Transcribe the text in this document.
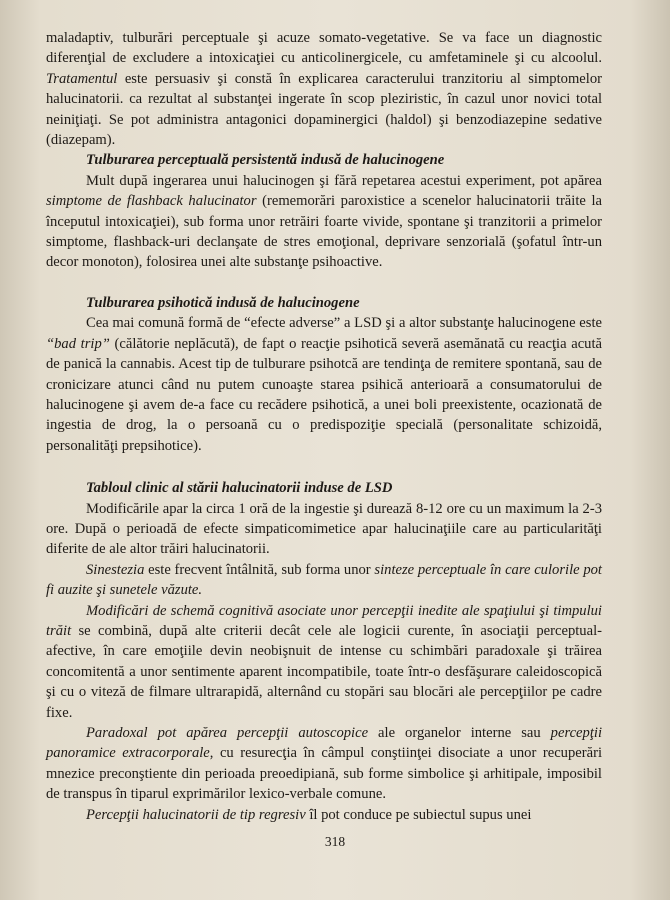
maladaptiv, tulburări perceptuale şi acuze somato-vegetative. Se va face un diagnostic diferenţial de excludere a intoxicaţiei cu anticolinergicele, cu amfetaminele şi cu alcoolul. Tratamentul este persuasiv şi constă în explicarea caracterului tranzitoriu al simptomelor halucinatorii. ca rezultat al substanţei ingerate în scop pleziristic, în cazul unor novici total neiniţiaţi. Se pot administra antagonici dopaminergici (haldol) şi benzodiazepine sedative (diazepam).

Tulburarea perceptuală persistentă indusă de halucinogene

Mult după ingerarea unui halucinogen şi fără repetarea acestui experiment, pot apărea simptome de flashback halucinator (rememorări paroxistice a scenelor halucinatorii trăite la începutul intoxicaţiei), sub forma unor retrăiri foarte vivide, spontane şi tranzitorii a primelor simptome, flashback-uri declanşate de stres emoţional, deprivare senzorială (şofatul într-un decor monoton), folosirea unei alte substanţe psihoactive.

Tulburarea psihotică indusă de halucinogene

Cea mai comună formă de “efecte adverse” a LSD şi a altor substanţe halucinogene este “bad trip” (călătorie neplăcută), de fapt o reacţie psihotică severă asemănată cu reacţia acută de panică la cannabis. Acest tip de tulburare psihotcă are tendinţa de remitere spontană, sau de cronicizare atunci când nu putem cunoaşte starea psihică anterioară a consumatorului de halucinogene şi avem de-a face cu recădere psihotică, a unei boli preexistente, ocazionată de ingestia de drog, la o persoană cu o predispoziţie specială (personalitate schizoidă, personalităţi prepsihotice).

Tabloul clinic al stării halucinatorii induse de LSD

Modificările apar la circa 1 oră de la ingestie şi durează 8-12 ore cu un maximum la 2-3 ore. După o perioadă de efecte simpaticomimetice apar halucinaţiile care au particularităţi diferite de ale altor trăiri halucinatorii.

Sinestezia este frecvent întâlnită, sub forma unor sinteze perceptuale în care culorile pot fi auzite şi sunetele văzute.

Modificări de schemă cognitivă asociate unor percepţii inedite ale spaţiului şi timpului trăit se combină, după alte criterii decât cele ale logicii curente, în asociaţii perceptual-afective, în care emoţiile devin neobişnuit de intense cu schimbări paradoxale şi trăirea concomitentă a unor sentimente aparent incompatibile, toate într-o desfăşurare caleidoscopică şi cu o viteză de filmare ultrarapidă, alternând cu stopări sau blocări ale percepţiilor pe cadre fixe.

Paradoxal pot apărea percepţii autoscopice ale organelor interne sau percepţii panoramice extracorporale, cu resurecţia în câmpul conştiinţei disociate a unor recuperări mnezice preconştiente din perioada preoedipiană, sub forme simbolice şi arhitipale, imposibil de transpus în tiparul exprimărilor lexico-verbale comune.

Percepţii halucinatorii de tip regresiv îl pot conduce pe subiectul supus unei

318
